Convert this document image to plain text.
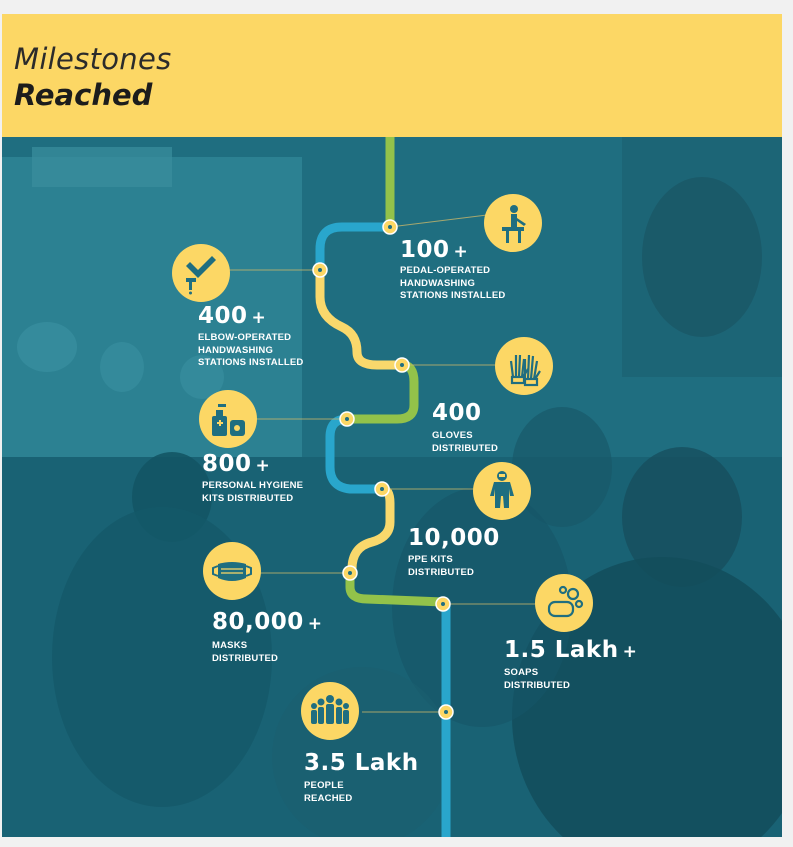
Milestones
Reached
100 +
PEDAL-OPERATED
HANDWASHING
STATIONS INSTALLED
400 +
ELBOW-OPERATED
HANDWASHING
STATIONS INSTALLED
400
GLOVES
DISTRIBUTED
800 +
PERSONAL HYGIENE
KITS DISTRIBUTED
10,000
PPE KITS
DISTRIBUTED
80,000 +
MASKS
DISTRIBUTED	1.5 Lakh +
SOAPS
DISTRIBUTED
3.5 Lakh
PEOPLE
REACHED
